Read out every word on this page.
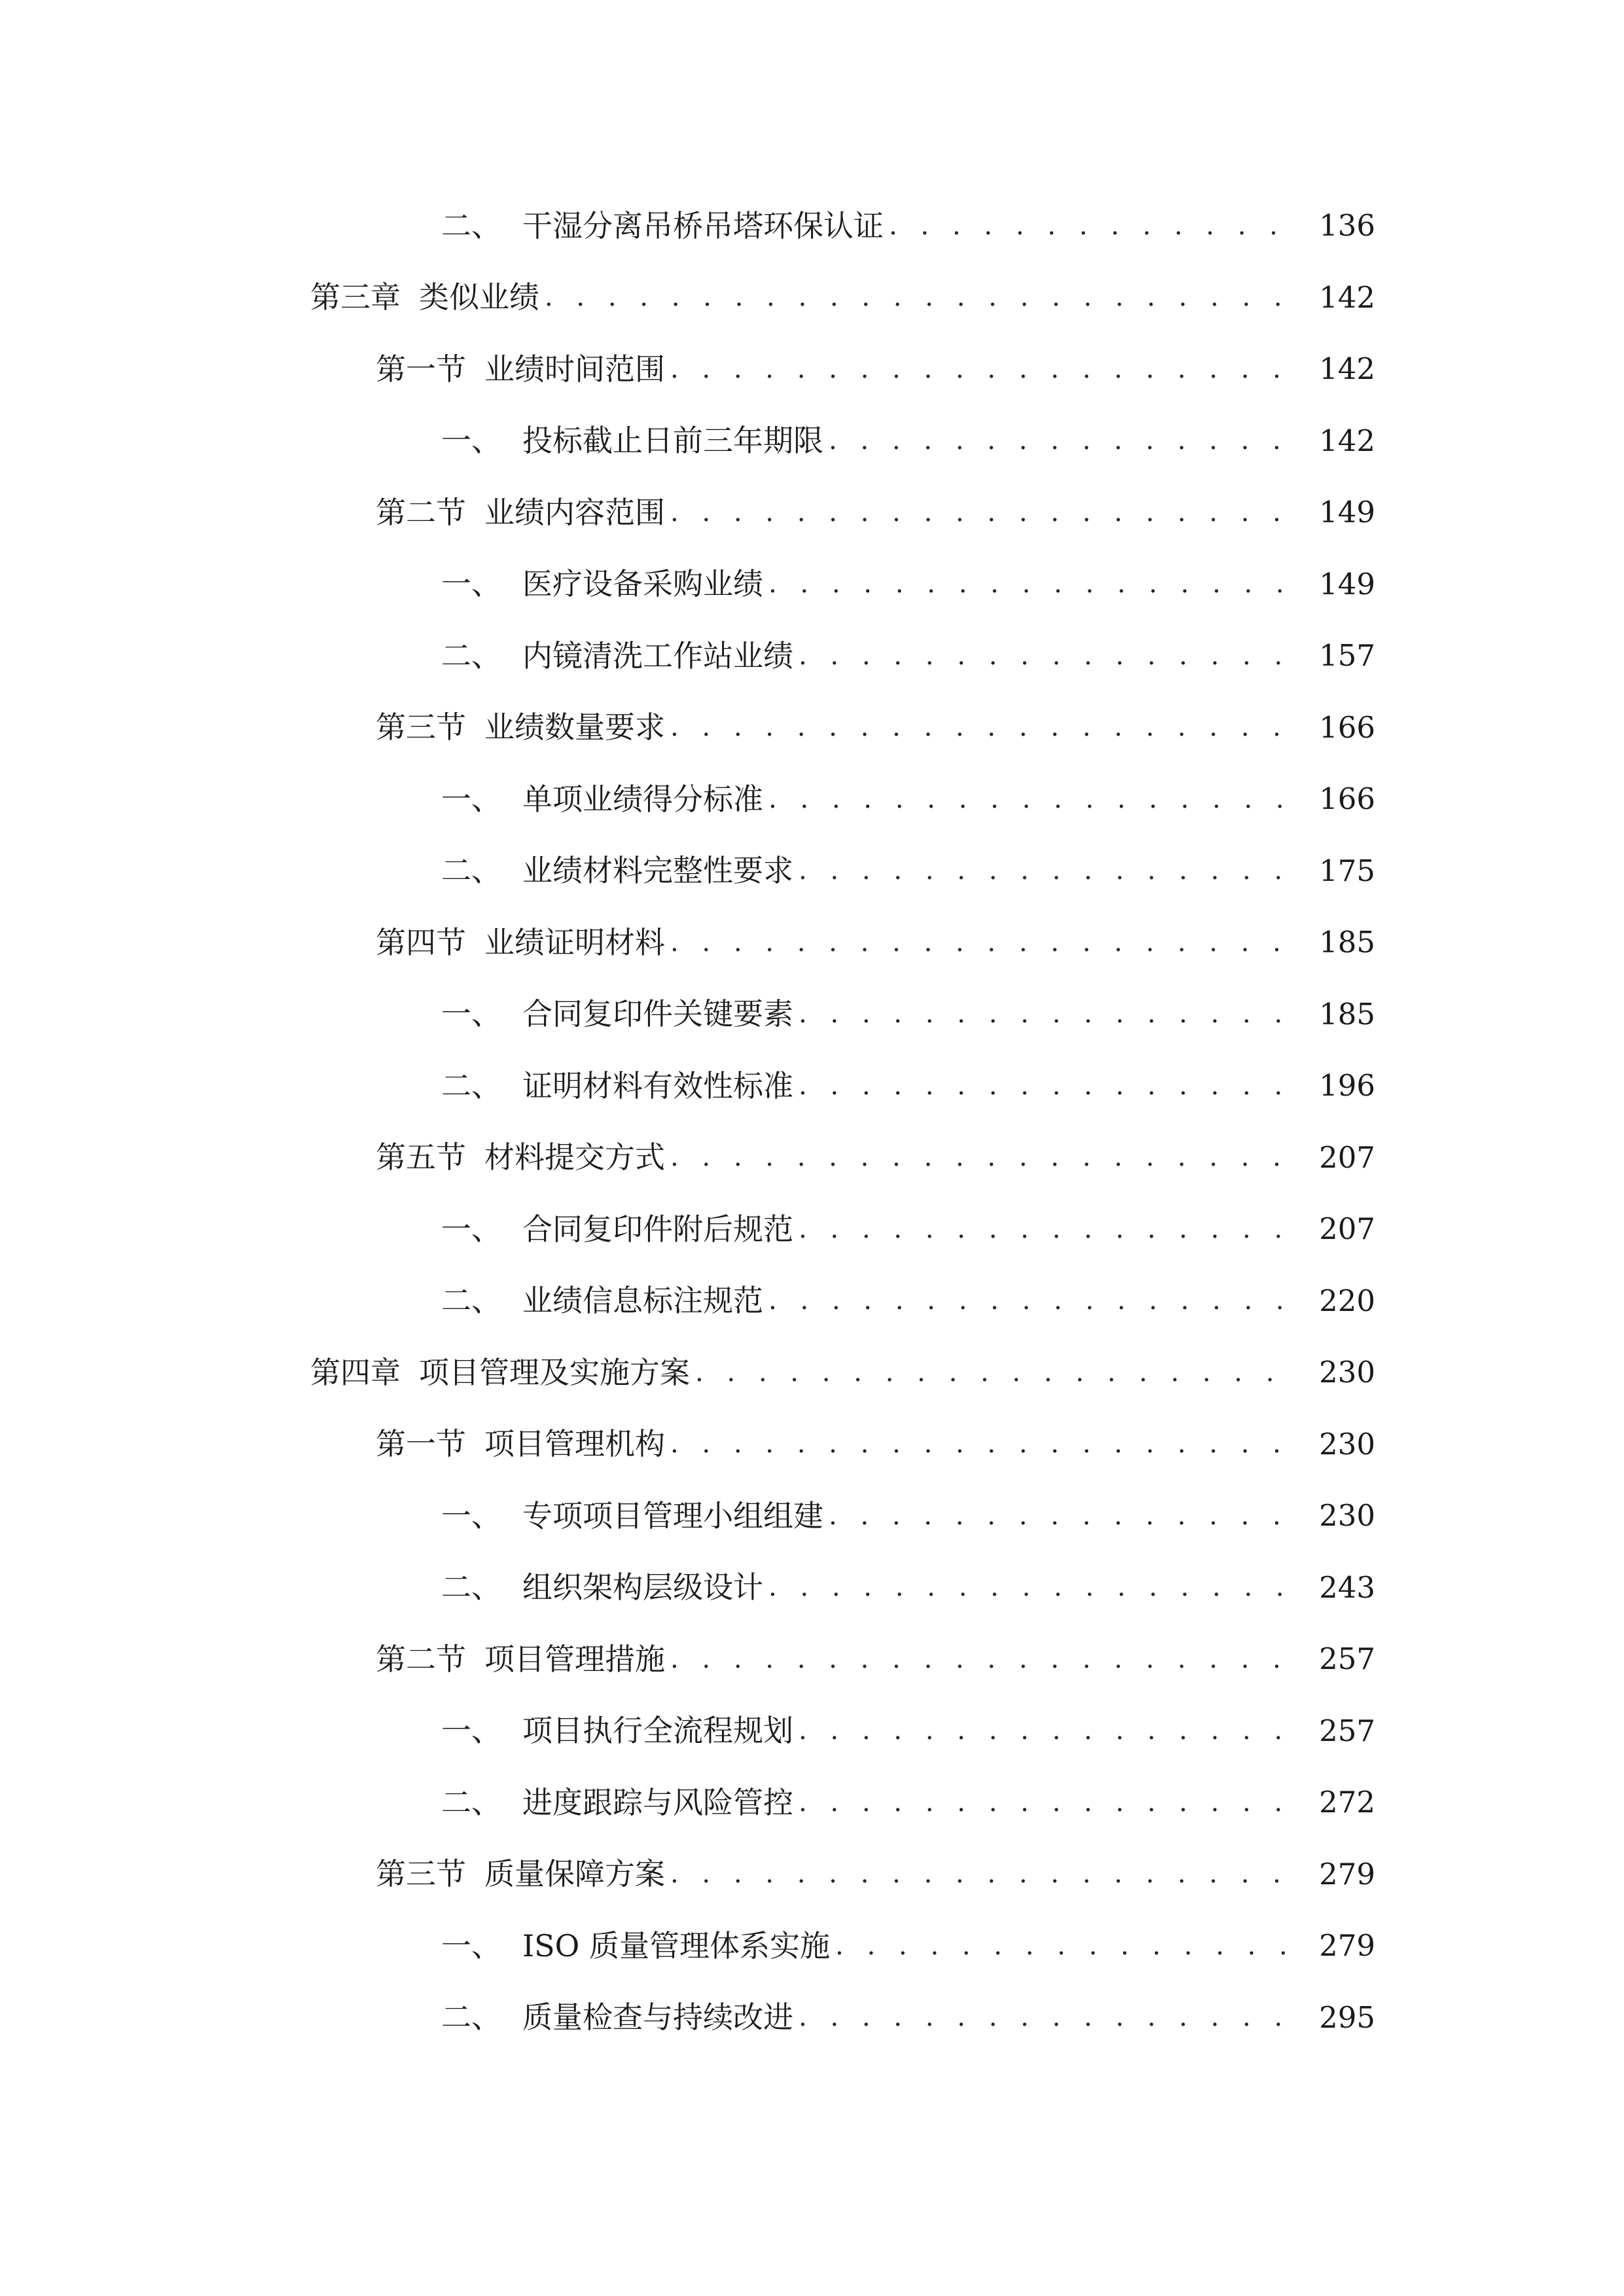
二、 干湿分离吊桥吊塔环保认证 . . .	136
第三章 类似业绩 . . .	142
第一节 业绩时间范围 . . .	142
一、 投标截止日前三年期限 . . .	142
第二节 业绩内容范围 . . .	149
一、 医疗设备采购业绩 . . .	149
二、 内镜清洗工作站业绩 . . .	157
第三节 业绩数量要求 . . .	166
一、 单项业绩得分标准 . . .	166
二、 业绩材料完整性要求 . . .	175
第四节 业绩证明材料 . . .	185
一、 合同复印件关键要素 . . .	185
二、 证明材料有效性标准 . . .	196
第五节 材料提交方式 . . .	207
一、 合同复印件附后规范 . . .	207
二、 业绩信息标注规范 . . .	220
第四章 项目管理及实施方案 . . .	230
第一节 项目管理机构 . . .	230
一、 专项项目管理小组组建 . . .	230
二、 组织架构层级设计 . . .	243
第二节 项目管理措施 . . .	257
一、 项目执行全流程规划 . . .	257
二、 进度跟踪与风险管控 . . .	272
第三节 质量保障方案 . . .	279
一、 ISO 质量管理体系实施 . . .	279
二、 质量检查与持续改进 . . .	295
